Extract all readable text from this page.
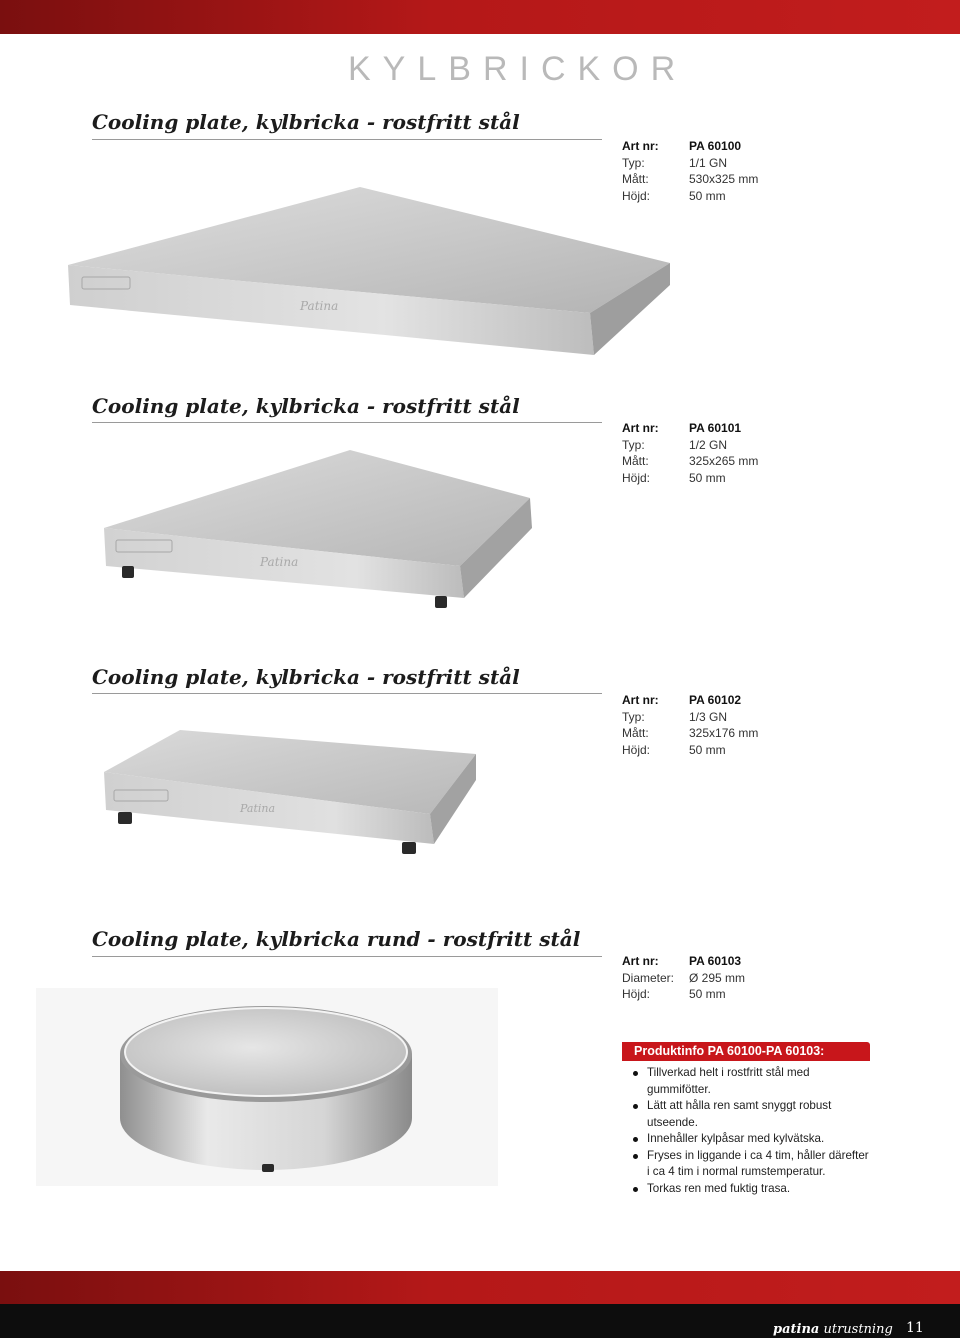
KYLBRICKOR
Cooling plate, kylbricka - rostfritt stål
Art nr:	PA 60100
Typ:	1/1 GN
Mått:	530x325 mm
Höjd:	50 mm
Patina
Cooling plate, kylbricka - rostfritt stål
Art nr:	PA 60101
Typ:	1/2 GN
Mått:	325x265 mm
Höjd:	50 mm
Patina
Cooling plate, kylbricka - rostfritt stål
Art nr:	PA 60102
Typ:	1/3 GN
Mått:	325x176 mm
Höjd:	50 mm
Patina
Cooling plate, kylbricka rund - rostfritt stål
Art nr:	PA 60103
Diameter:	Ø 295 mm
Höjd:	50 mm
Produktinfo PA 60100-PA 60103:
Tillverkad helt i rostfritt stål med gummifötter.
Lätt att hålla ren samt snyggt robust utseende.
Innehåller kylpåsar med kylvätska.
Fryses in liggande i ca 4 tim, håller därefter i ca 4 tim i normal rumstemperatur.
Torkas ren med fuktig trasa.
patina utrustning 11
